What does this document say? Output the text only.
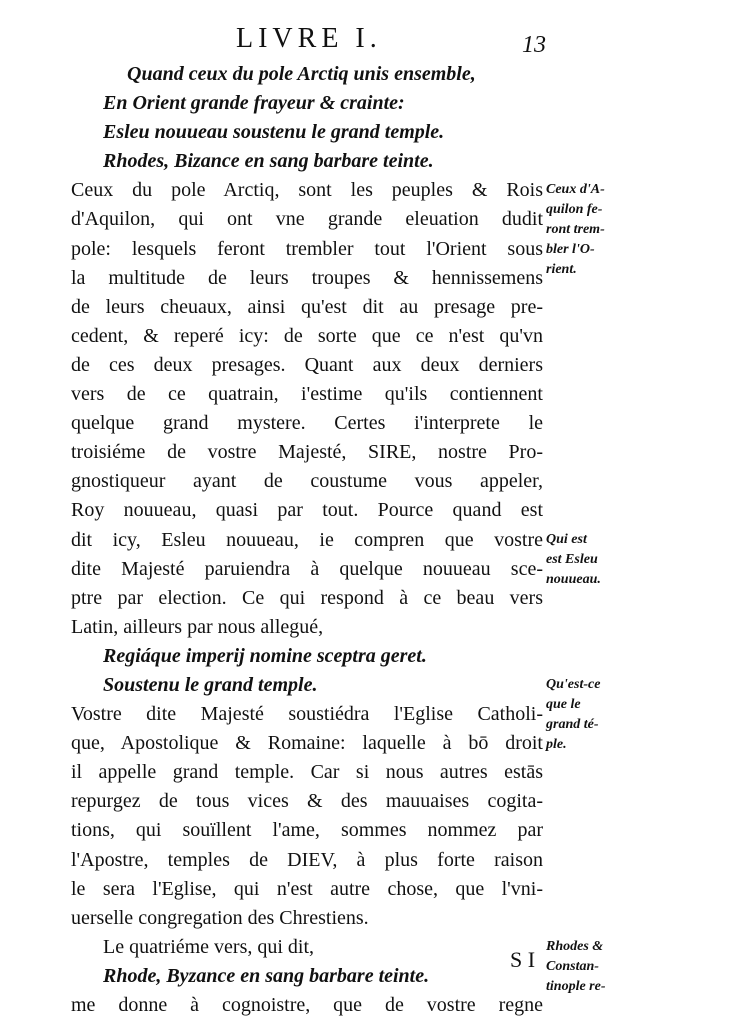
LIVRE I.	13
Quand ceux du pole Arctiq unis ensemble,
En Orient grande frayeur & crainte:
Esleu nouueau soustenu le grand temple.
Rhodes, Bizance en sang barbare teinte.
Ceux du pole Arctiq, sont les peuples & Rois
d'Aquilon, qui ont vne grande eleuation dudit
pole: lesquels feront trembler tout l'Orient sous
la multitude de leurs troupes & hennissemens
de leurs cheuaux, ainsi qu'est dit au presage pre-
cedent, & reperé icy: de sorte que ce n'est qu'vn
de ces deux presages. Quant aux deux derniers
vers de ce quatrain, i'estime qu'ils contiennent
quelque grand mystere. Certes i'interprete le
troisiéme de vostre Majesté, SIRE, nostre Pro-
gnostiqueur ayant de coustume vous appeler,
Roy nouueau, quasi par tout. Pource quand est
dit icy, Esleu nouueau, ie compren que vostre
dite Majesté paruiendra à quelque nouueau sce-
ptre par election. Ce qui respond à ce beau vers
Latin, ailleurs par nous allegué,
Regiáque imperij nomine sceptra geret.
Soustenu le grand temple.
Vostre dite Majesté soustiédra l'Eglise Catholi-
que, Apostolique & Romaine: laquelle à bō droit
il appelle grand temple. Car si nous autres estās
repurgez de tous vices & des mauuaises cogita-
tions, qui souïllent l'ame, sommes nommez par
l'Apostre, temples de DIEV, à plus forte raison
le sera l'Eglise, qui n'est autre chose, que l'vni-
uerselle congregation des Chrestiens.
Le quatriéme vers, qui dit,
Rhode, Byzance en sang barbare teinte.
me donne à cognoistre, que de vostre regne
Ceux d'A-
quilon fe-
ront trem-
bler l'O-
rient.
Qui est
est Esleu
nouueau.
Qu'est-ce
que le
grand té-
ple.
Rhodes &
Constan-
tinople re-
S I
